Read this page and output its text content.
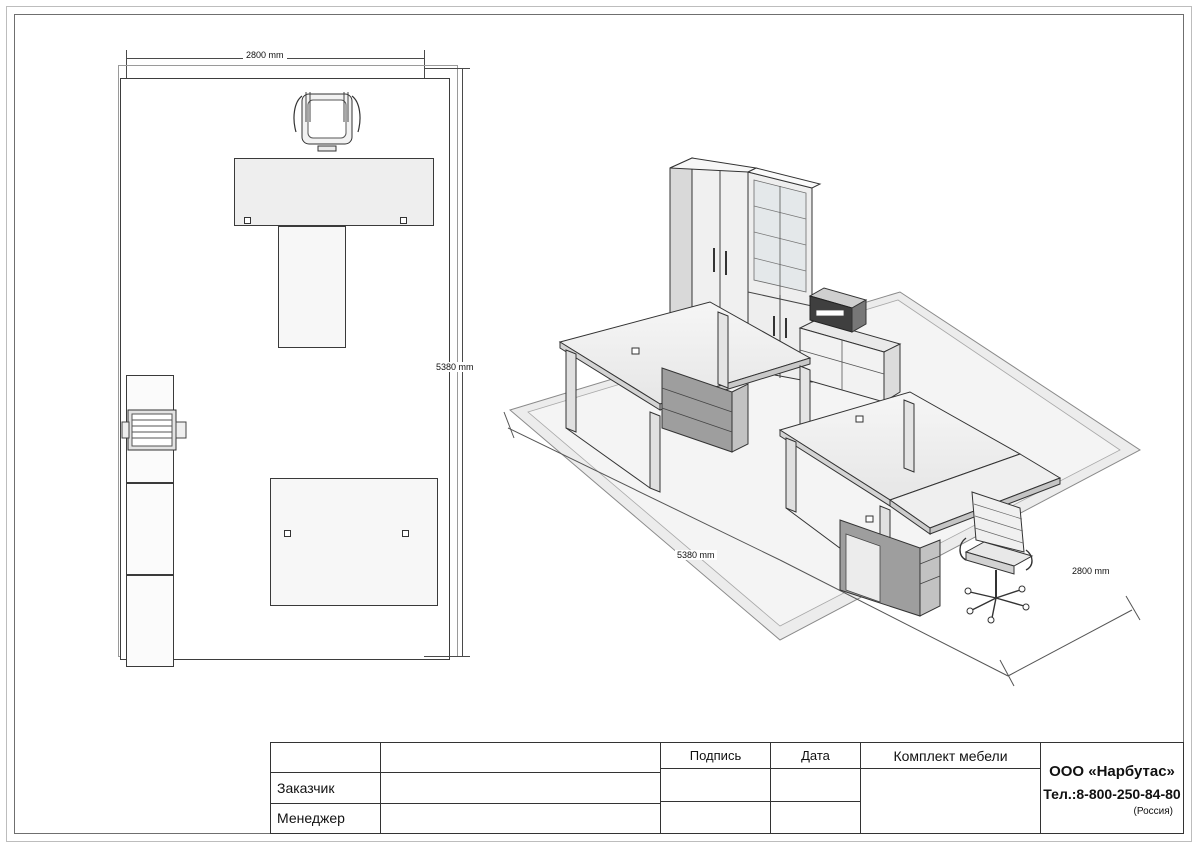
2800 mm
5380 mm
5380 mm
2800 mm
Заказчик
Менеджер
Подпись	Дата	Комплект мебели
ООО «Нарбутас»
Тел.:8-800-250-84-80
(Россия)
